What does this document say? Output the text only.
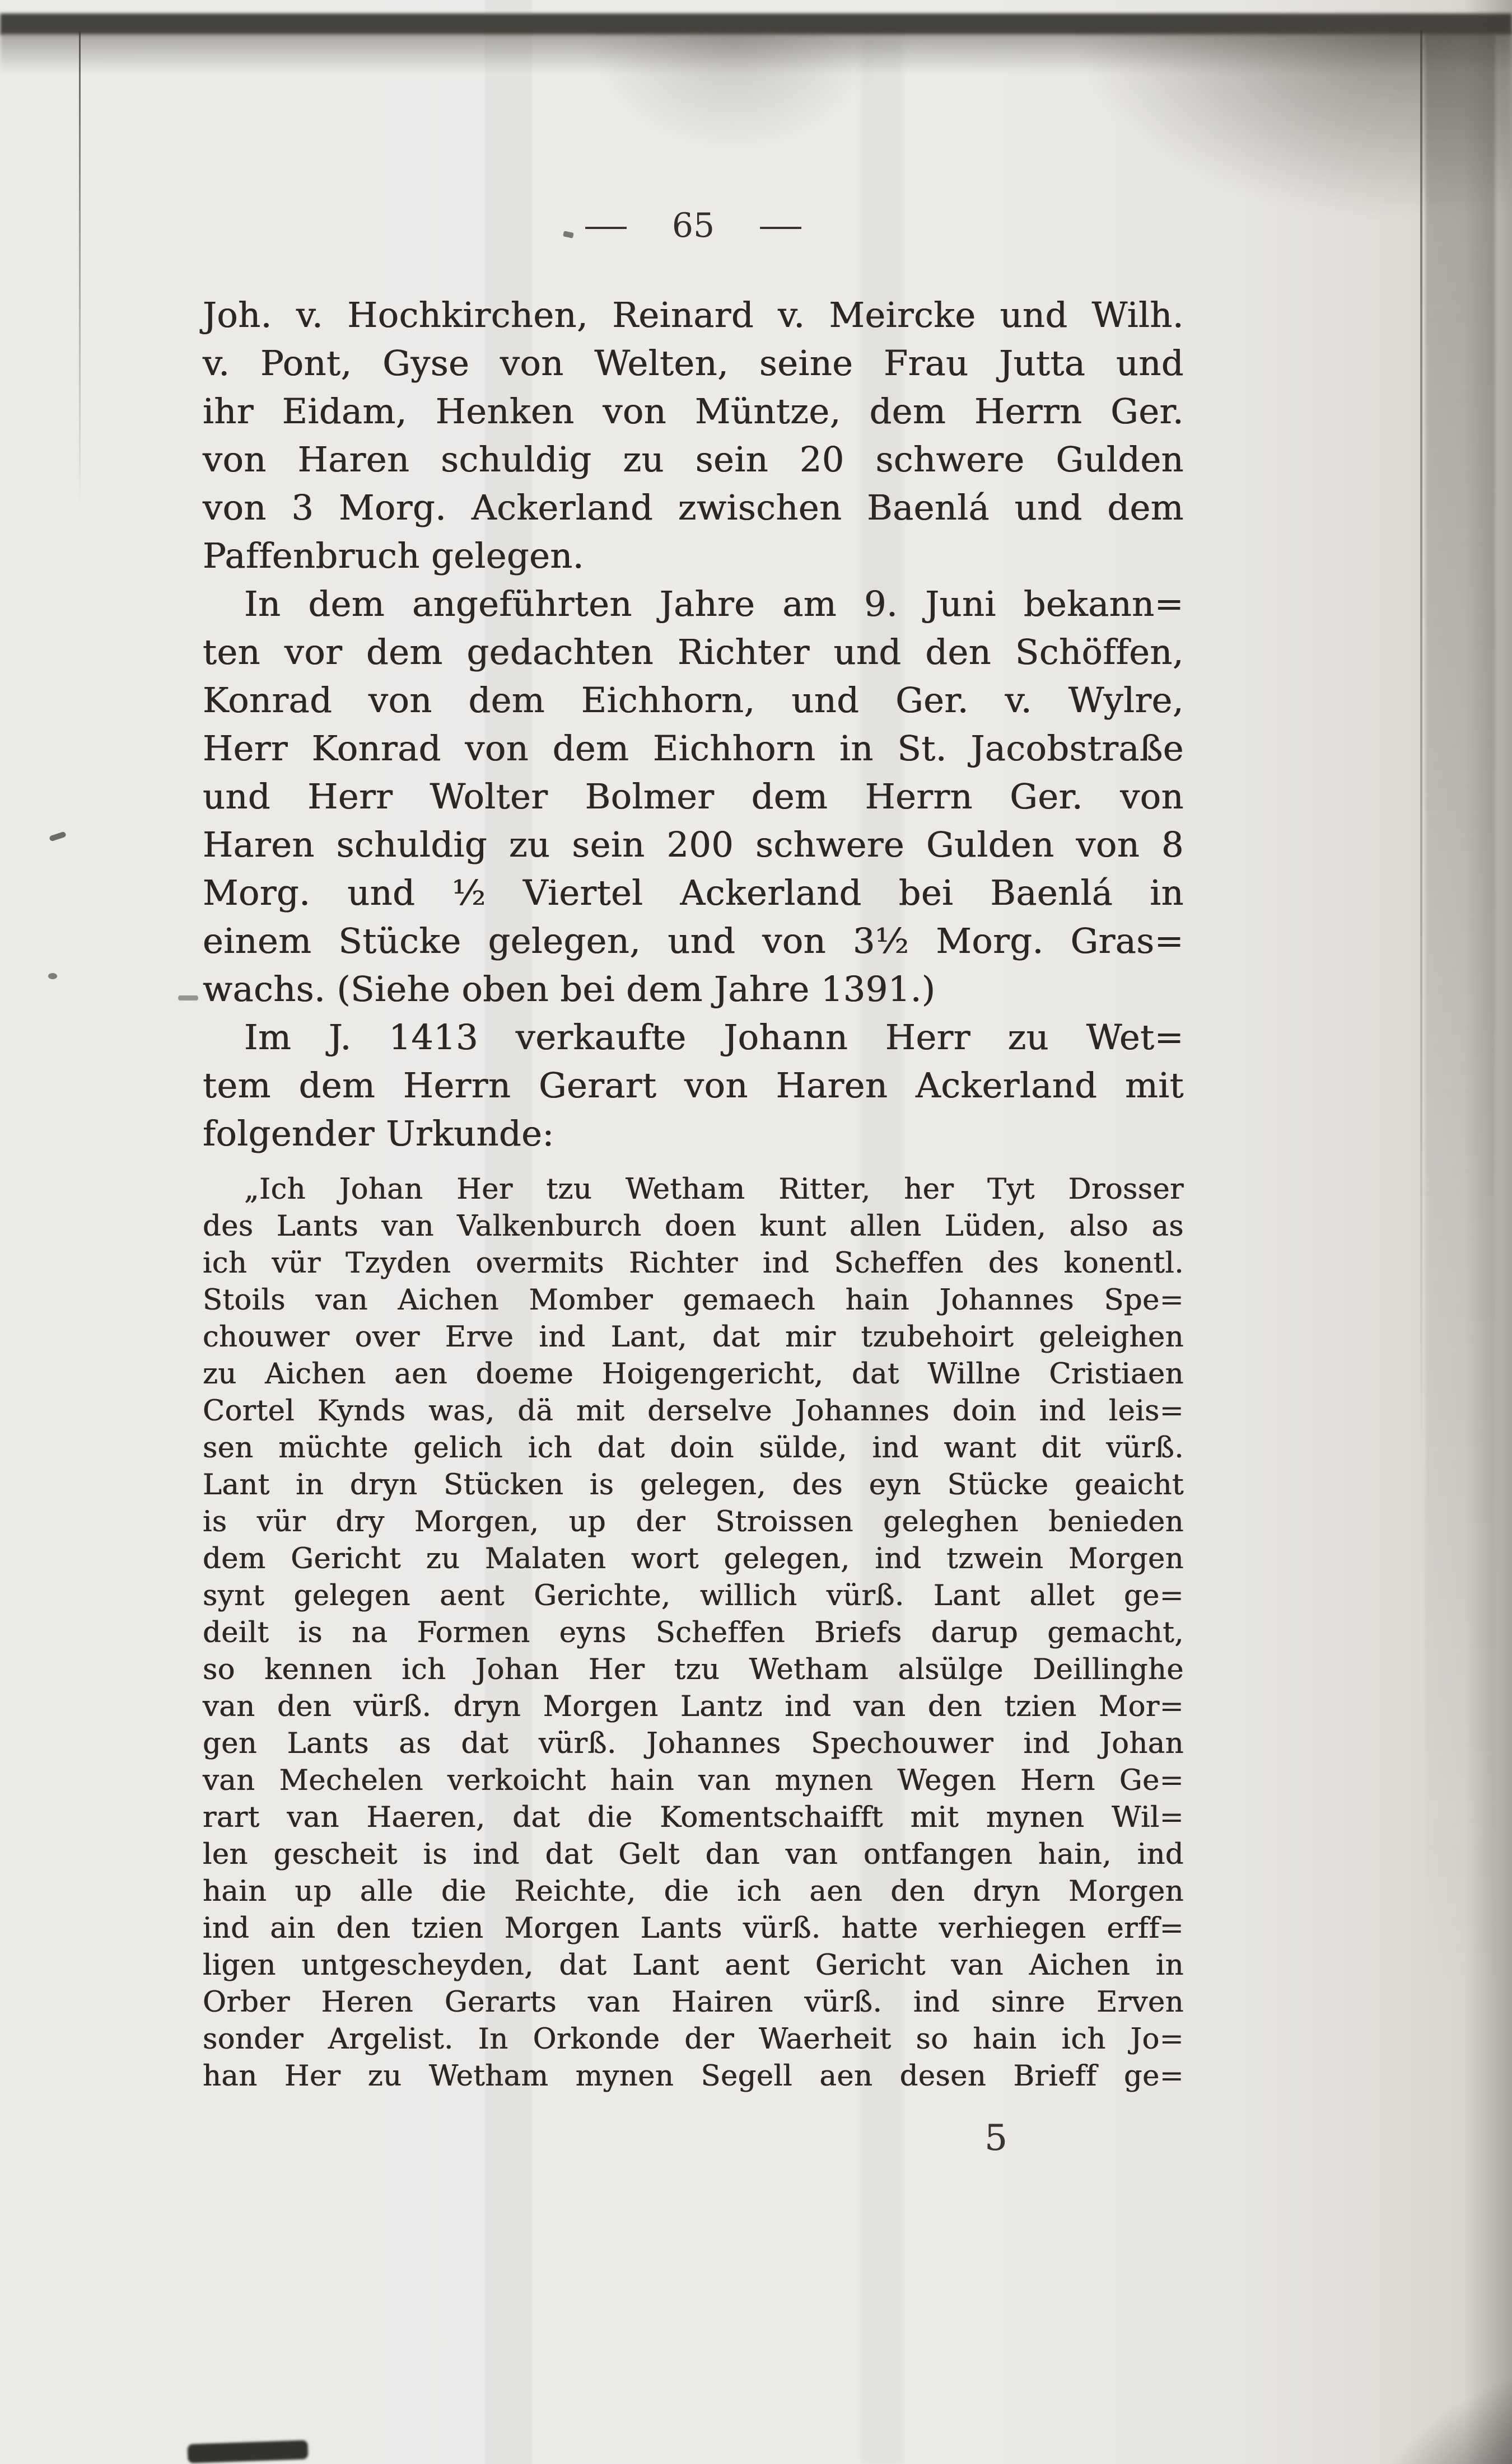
— 65 —
Joh. v. Hochkirchen, Reinard v. Meircke und Wilh.
v. Pont, Gyse von Welten, seine Frau Jutta und
ihr Eidam, Henken von Müntze, dem Herrn Ger.
von Haren schuldig zu sein 20 schwere Gulden
von 3 Morg. Ackerland zwischen Baenlá und dem
Paffenbruch gelegen.
In dem angeführten Jahre am 9. Juni bekann=
ten vor dem gedachten Richter und den Schöffen,
Konrad von dem Eichhorn, und Ger. v. Wylre,
Herr Konrad von dem Eichhorn in St. Jacobstraße
und Herr Wolter Bolmer dem Herrn Ger. von
Haren schuldig zu sein 200 schwere Gulden von 8
Morg. und ½ Viertel Ackerland bei Baenlá in
einem Stücke gelegen, und von 3½ Morg. Gras=
wachs. (Siehe oben bei dem Jahre 1391.)
Im J. 1413 verkaufte Johann Herr zu Wet=
tem dem Herrn Gerart von Haren Ackerland mit
folgender Urkunde:
„Ich Johan Her tzu Wetham Ritter, her Tyt Drosser
des Lants van Valkenburch doen kunt allen Lüden, also as
ich vür Tzyden overmits Richter ind Scheffen des konentl.
Stoils van Aichen Momber gemaech hain Johannes Spe=
chouwer over Erve ind Lant, dat mir tzubehoirt geleighen
zu Aichen aen doeme Hoigengericht, dat Willne Cristiaen
Cortel Kynds was, dä mit derselve Johannes doin ind leis=
sen müchte gelich ich dat doin sülde, ind want dit vürß.
Lant in dryn Stücken is gelegen, des eyn Stücke geaicht
is vür dry Morgen, up der Stroissen geleghen benieden
dem Gericht zu Malaten wort gelegen, ind tzwein Morgen
synt gelegen aent Gerichte, willich vürß. Lant allet ge=
deilt is na Formen eyns Scheffen Briefs darup gemacht,
so kennen ich Johan Her tzu Wetham alsülge Deillinghe
van den vürß. dryn Morgen Lantz ind van den tzien Mor=
gen Lants as dat vürß. Johannes Spechouwer ind Johan
van Mechelen verkoicht hain van mynen Wegen Hern Ge=
rart van Haeren, dat die Komentschaifft mit mynen Wil=
len gescheit is ind dat Gelt dan van ontfangen hain, ind
hain up alle die Reichte, die ich aen den dryn Morgen
ind ain den tzien Morgen Lants vürß. hatte verhiegen erff=
ligen untgescheyden, dat Lant aent Gericht van Aichen in
Orber Heren Gerarts van Hairen vürß. ind sinre Erven
sonder Argelist. In Orkonde der Waerheit so hain ich Jo=
han Her zu Wetham mynen Segell aen desen Brieff ge=
5
